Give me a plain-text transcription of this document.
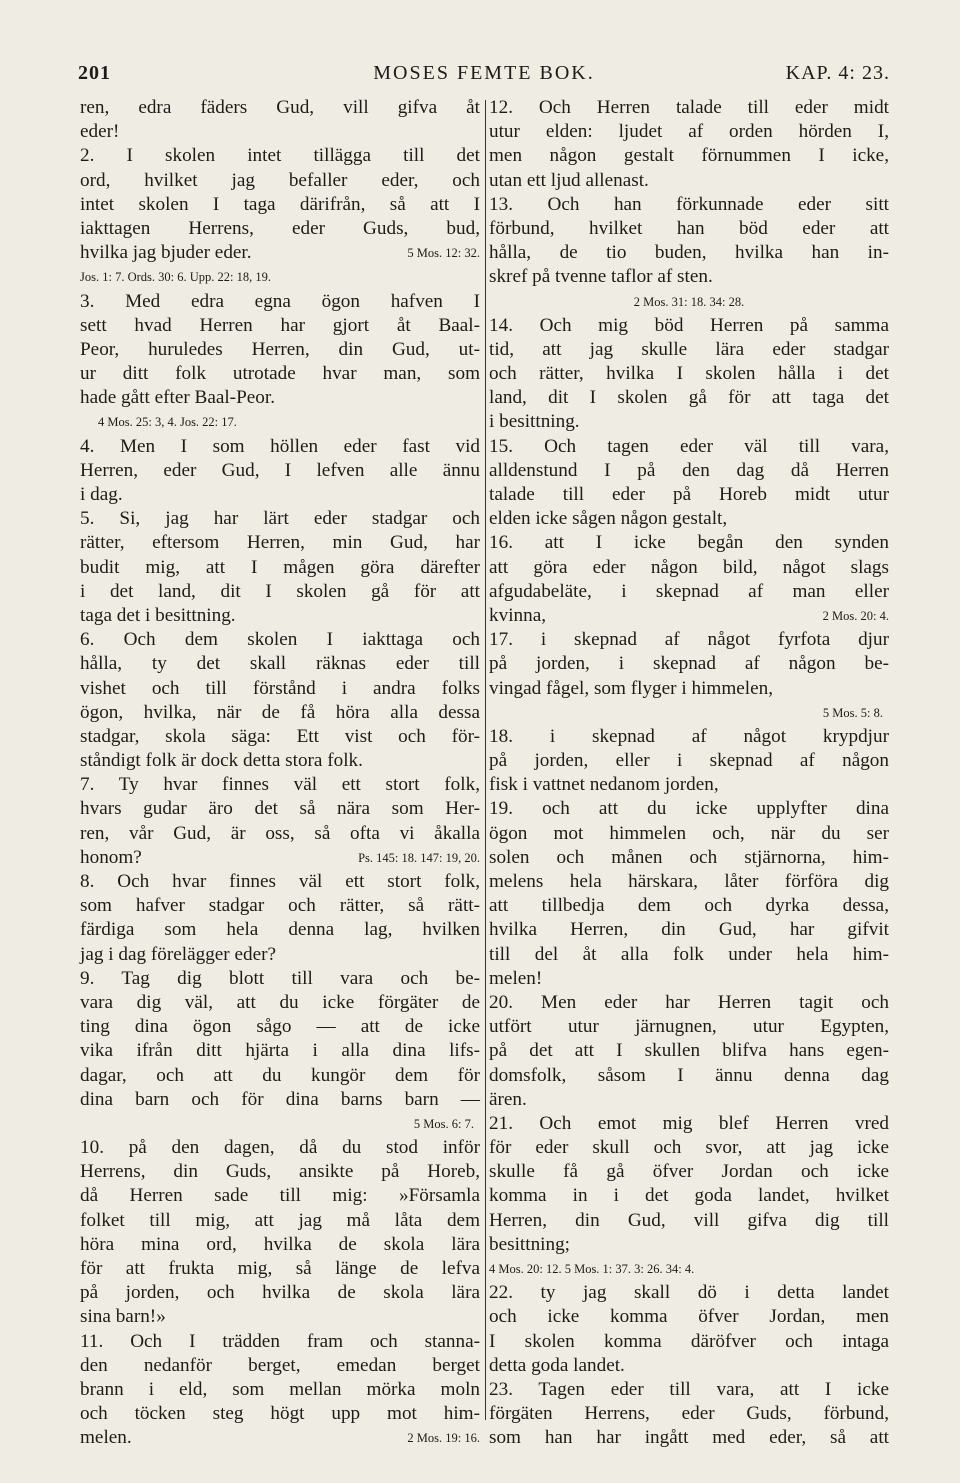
201	MOSES FEMTE BOK.	KAP. 4: 23.
ren, edra fäders Gud, vill gifva åt
eder!
2. I skolen intet tillägga till det
ord, hvilket jag befaller eder, och
intet skolen I taga därifrån, så att I
iakttagen Herrens, eder Guds, bud,
hvilka jag bjuder eder.	5 Mos. 12: 32.
Jos. 1: 7. Ords. 30: 6. Upp. 22: 18, 19.
3. Med edra egna ögon hafven I
sett hvad Herren har gjort åt Baal-
Peor, huruledes Herren, din Gud, ut-
ur ditt folk utrotade hvar man, som
hade gått efter Baal-Peor.
4 Mos. 25: 3, 4. Jos. 22: 17.
4. Men I som höllen eder fast vid
Herren, eder Gud, I lefven alle ännu
i dag.
5. Si, jag har lärt eder stadgar och
rätter, eftersom Herren, min Gud, har
budit mig, att I mågen göra därefter
i det land, dit I skolen gå för att
taga det i besittning.
6. Och dem skolen I iakttaga och
hålla, ty det skall räknas eder till
vishet och till förstånd i andra folks
ögon, hvilka, när de få höra alla dessa
stadgar, skola säga: Ett vist och för-
ståndigt folk är dock detta stora folk.
7. Ty hvar finnes väl ett stort folk,
hvars gudar äro det så nära som Her-
ren, vår Gud, är oss, så ofta vi åkalla
honom?	Ps. 145: 18. 147: 19, 20.
8. Och hvar finnes väl ett stort folk,
som hafver stadgar och rätter, så rätt-
färdiga som hela denna lag, hvilken
jag i dag förelägger eder?
9. Tag dig blott till vara och be-
vara dig väl, att du icke förgäter de
ting dina ögon sågo — att de icke
vika ifrån ditt hjärta i alla dina lifs-
dagar, och att du kungör dem för
dina barn och för dina barns barn —
5 Mos. 6: 7.
10. på den dagen, då du stod inför
Herrens, din Guds, ansikte på Horeb,
då Herren sade till mig: »Församla
folket till mig, att jag må låta dem
höra mina ord, hvilka de skola lära
för att frukta mig, så länge de lefva
på jorden, och hvilka de skola lära
sina barn!»
11. Och I trädden fram och stanna-
den nedanför berget, emedan berget
brann i eld, som mellan mörka moln
och töcken steg högt upp mot him-
melen.	2 Mos. 19: 16.
12. Och Herren talade till eder midt
utur elden: ljudet af orden hörden I,
men någon gestalt förnummen I icke,
utan ett ljud allenast.
13. Och han förkunnade eder sitt
förbund, hvilket han böd eder att
hålla, de tio buden, hvilka han in-
skref på tvenne taflor af sten.
2 Mos. 31: 18. 34: 28.
14. Och mig böd Herren på samma
tid, att jag skulle lära eder stadgar
och rätter, hvilka I skolen hålla i det
land, dit I skolen gå för att taga det
i besittning.
15. Och tagen eder väl till vara,
alldenstund I på den dag då Herren
talade till eder på Horeb midt utur
elden icke sågen någon gestalt,
16. att I icke begån den synden
att göra eder någon bild, något slags
afgudabeläte, i skepnad af man eller
kvinna,	2 Mos. 20: 4.
17. i skepnad af något fyrfota djur
på jorden, i skepnad af någon be-
vingad fågel, som flyger i himmelen,
5 Mos. 5: 8.
18. i skepnad af något krypdjur
på jorden, eller i skepnad af någon
fisk i vattnet nedanom jorden,
19. och att du icke upplyfter dina
ögon mot himmelen och, när du ser
solen och månen och stjärnorna, him-
melens hela härskara, låter förföra dig
att tillbedja dem och dyrka dessa,
hvilka Herren, din Gud, har gifvit
till del åt alla folk under hela him-
melen!
20. Men eder har Herren tagit och
utfört utur järnugnen, utur Egypten,
på det att I skullen blifva hans egen-
domsfolk, såsom I ännu denna dag
ären.
21. Och emot mig blef Herren vred
för eder skull och svor, att jag icke
skulle få gå öfver Jordan och icke
komma in i det goda landet, hvilket
Herren, din Gud, vill gifva dig till
besittning;
4 Mos. 20: 12. 5 Mos. 1: 37. 3: 26. 34: 4.
22. ty jag skall dö i detta landet
och icke komma öfver Jordan, men
I skolen komma däröfver och intaga
detta goda landet.
23. Tagen eder till vara, att I icke
förgäten Herrens, eder Guds, förbund,
som han har ingått med eder, så att
